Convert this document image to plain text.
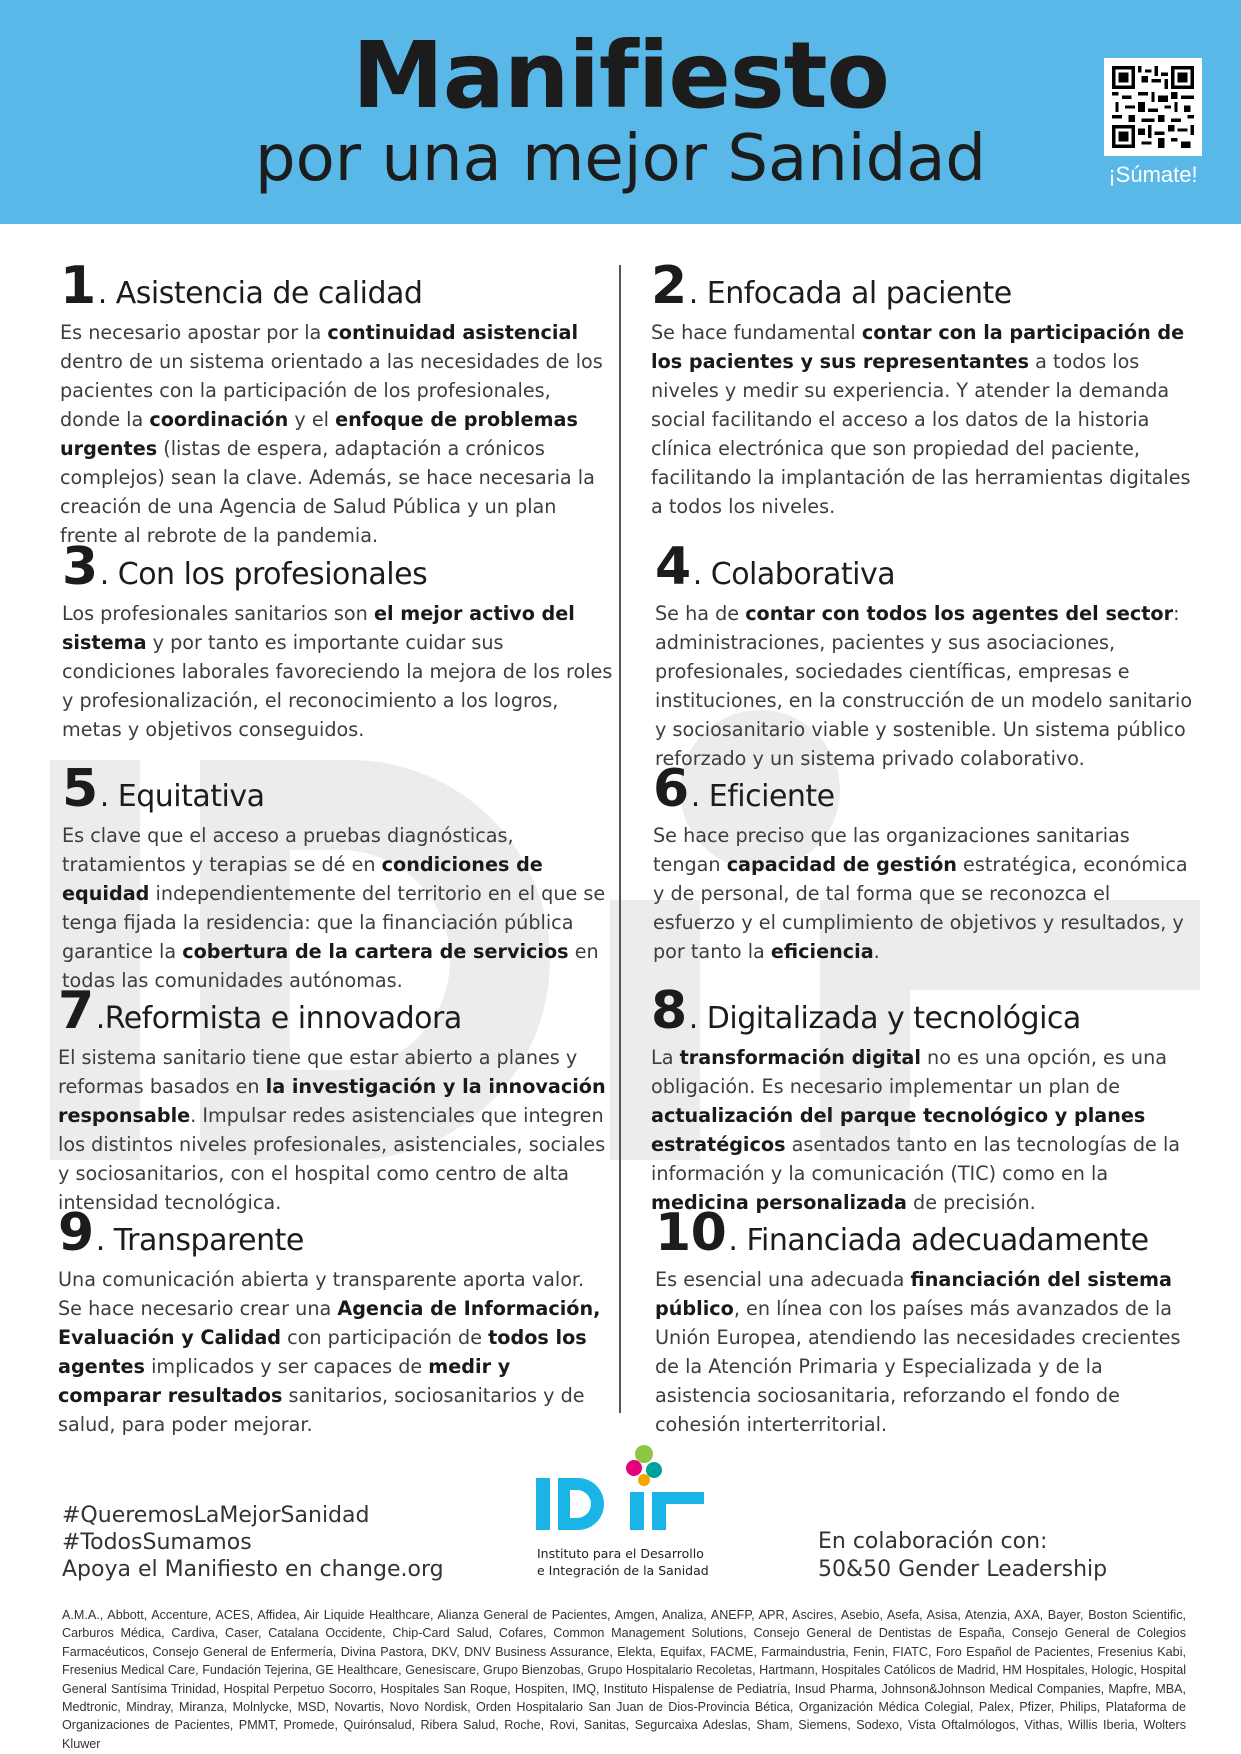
Manifiesto
por una mejor Sanidad	¡Súmate!
1. Asistencia de calidad

Es necesario apostar por la continuidad asistencial dentro de un sistema orientado a las necesidades de los pacientes con la participación de los profesionales, donde la coordinación y el enfoque de problemas urgentes (listas de espera, adaptación a crónicos complejos) sean la clave. Además, se hace necesaria la creación de una Agencia de Salud Pública y un plan frente al rebrote de la pandemia.

3. Con los profesionales

Los profesionales sanitarios son el mejor activo del sistema y por tanto es importante cuidar sus condiciones laborales favoreciendo la mejora de los roles y profesionalización, el reconocimiento a los logros, metas y objetivos conseguidos.

5. Equitativa

Es clave que el acceso a pruebas diagnósticas, tratamientos y terapias se dé en condiciones de equidad independientemente del territorio en el que se tenga fijada la residencia: que la financiación pública garantice la cobertura de la cartera de servicios en todas las comunidades autónomas.

7.Reformista e innovadora

El sistema sanitario tiene que estar abierto a planes y reformas basados en la investigación y la innovación responsable. Impulsar redes asistenciales que integren los distintos niveles profesionales, asistenciales, sociales y sociosanitarios, con el hospital como centro de alta intensidad tecnológica.

9. Transparente

Una comunicación abierta y transparente aporta valor. Se hace necesario crear una Agencia de Información, Evaluación y Calidad con participación de todos los agentes implicados y ser capaces de medir y comparar resultados sanitarios, sociosanitarios y de salud, para poder mejorar.

2. Enfocada al paciente

Se hace fundamental contar con la participación de los pacientes y sus representantes a todos los niveles y medir su experiencia. Y atender la demanda social facilitando el acceso a los datos de la historia clínica electrónica que son propiedad del paciente, facilitando la implantación de las herramientas digitales a todos los niveles.

4. Colaborativa

Se ha de contar con todos los agentes del sector: administraciones, pacientes y sus asociaciones, profesionales, sociedades científicas, empresas e instituciones, en la construcción de un modelo sanitario y sociosanitario viable y sostenible. Un sistema público reforzado y un sistema privado colaborativo.

6. Eficiente

Se hace preciso que las organizaciones sanitarias tengan capacidad de gestión estratégica, económica y de personal, de tal forma que se reconozca el esfuerzo y el cumplimiento de objetivos y resultados, y por tanto la eficiencia.

8. Digitalizada y tecnológica

La transformación digital no es una opción, es una obligación. Es necesario implementar un plan de actualización del parque tecnológico y planes estratégicos asentados tanto en las tecnologías de la información y la comunicación (TIC) como en la medicina personalizada de precisión.

10. Financiada adecuadamente

Es esencial una adecuada financiación del sistema público, en línea con los países más avanzados de la Unión Europea, atendiendo las necesidades crecientes de la Atención Primaria y Especializada y de la asistencia sociosanitaria, reforzando el fondo de cohesión interterritorial.

#QueremosLaMejorSanidad
#TodosSumamos
Apoya el Manifiesto en change.org
Instituto para el Desarrollo
e Integración de la Sanidad
En colaboración con:
50&50 Gender Leadership
A.M.A., Abbott, Accenture, ACES, Affidea, Air Liquide Healthcare, Alianza General de Pacientes, Amgen, Analiza, ANEFP, APR, Ascires, Asebio, Asefa, Asisa, Atenzia, AXA, Bayer, Boston Scientific, Carburos Médica, Cardiva, Caser, Catalana Occidente, Chip-Card Salud, Cofares, Common Management Solutions, Consejo General de Dentistas de España, Consejo General de Colegios Farmacéuticos, Consejo General de Enfermería, Divina Pastora, DKV, DNV Business Assurance, Elekta, Equifax, FACME, Farmaindustria, Fenin, FIATC, Foro Español de Pacientes, Fresenius Kabi, Fresenius Medical Care, Fundación Tejerina, GE Healthcare, Genesiscare, Grupo Bienzobas, Grupo Hospitalario Recoletas, Hartmann, Hospitales Católicos de Madrid, HM Hospitales, Hologic, Hospital General Santísima Trinidad, Hospital Perpetuo Socorro, Hospitales San Roque, Hospiten, IMQ, Instituto Hispalense de Pediatría, Insud Pharma, Johnson&Johnson Medical Companies, Mapfre, MBA, Medtronic, Mindray, Miranza, Molnlycke, MSD, Novartis, Novo Nordisk, Orden Hospitalario San Juan de Dios-Provincia Bética, Organización Médica Colegial, Palex, Pfizer, Philips, Plataforma de Organizaciones de Pacientes, PMMT, Promede, Quirónsalud, Ribera Salud, Roche, Rovi, Sanitas, Segurcaixa Adeslas, Sham, Siemens, Sodexo, Vista Oftalmólogos, Vithas, Willis Iberia, Wolters Kluwer
